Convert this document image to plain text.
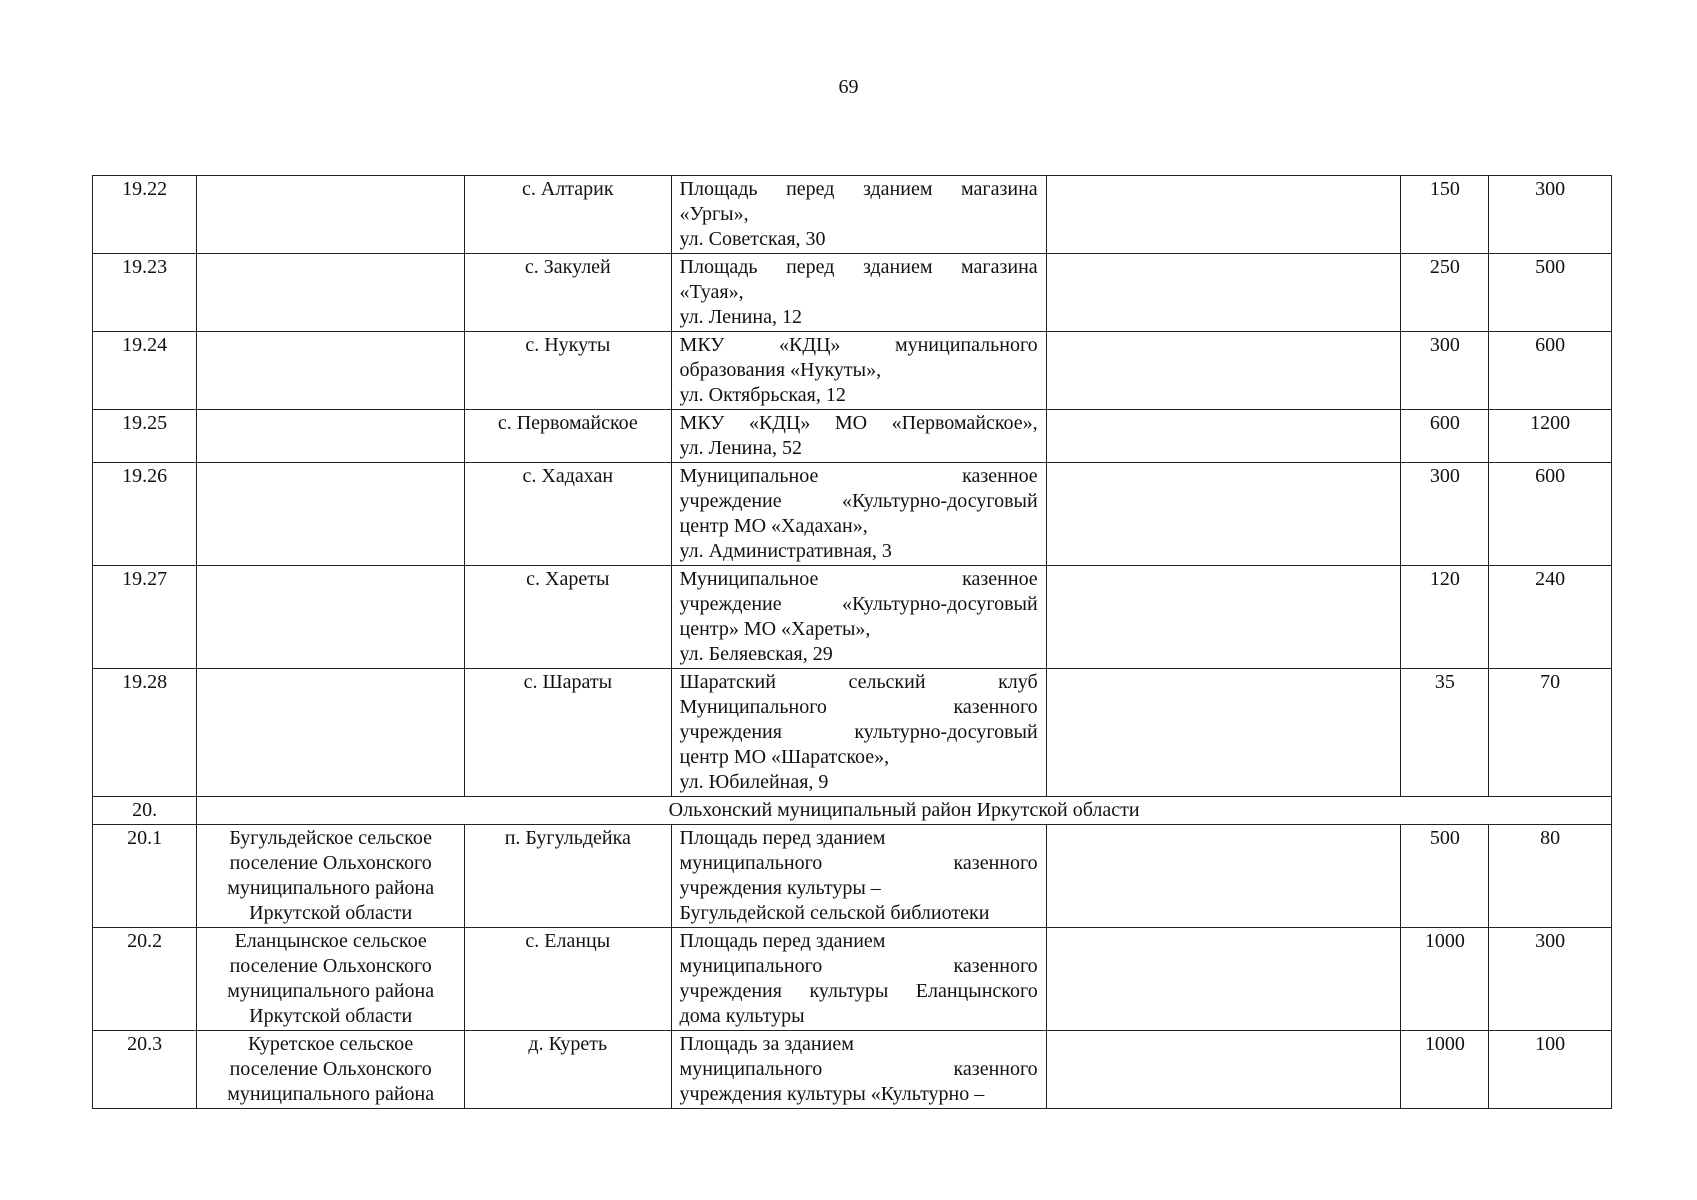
69
19.22		с. Алтарик	Площадь перед зданием магазина
«Ургы»,
ул. Советская, 30		150	300
19.23		с. Закулей	Площадь перед зданием магазина
«Туая»,
ул. Ленина, 12		250	500
19.24		с. Нукуты	МКУ «КДЦ» муниципального
образования «Нукуты»,
ул. Октябрьская, 12		300	600
19.25		с. Первомайское	МКУ «КДЦ» МО «Первомайское»,
ул. Ленина, 52		600	1200
19.26		с. Хадахан	Муниципальное казенное
учреждение «Культурно-досуговый
центр МО «Хадахан»,
ул. Административная, 3		300	600
19.27		с. Хареты	Муниципальное казенное
учреждение «Культурно-досуговый
центр» МО «Хареты»,
ул. Беляевская, 29		120	240
19.28		с. Шараты	Шаратский сельский клуб
Муниципального казенного
учреждения культурно-досуговый
центр МО «Шаратское»,
ул. Юбилейная, 9		35	70
20.	Ольхонский муниципальный район Иркутской области					
20.1	Бугульдейское сельское
поселение Ольхонского
муниципального района
Иркутской области	п. Бугульдейка	Площадь перед зданием
муниципального казенного
учреждения культуры –
Бугульдейской сельской библиотеки		500	80
20.2	Еланцынское сельское
поселение Ольхонского
муниципального района
Иркутской области	с. Еланцы	Площадь перед зданием
муниципального казенного
учреждения культуры Еланцынского
дома культуры		1000	300
20.3	Куретское сельское
поселение Ольхонского
муниципального района	д. Куреть	Площадь за зданием
муниципального казенного
учреждения культуры «Культурно –		1000	100
